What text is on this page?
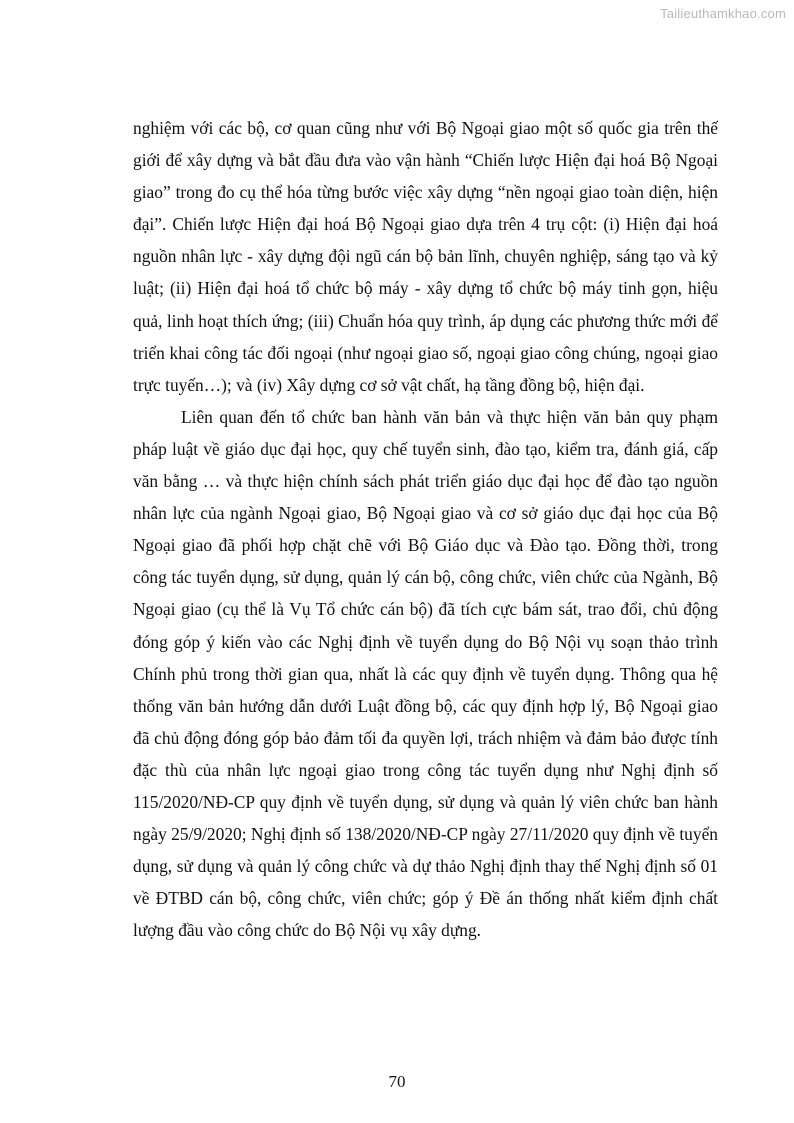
Tailieuthamkhao.com

nghiệm với các bộ, cơ quan cũng như với Bộ Ngoại giao một số quốc gia trên thế giới để xây dựng và bắt đầu đưa vào vận hành “Chiến lược Hiện đại hoá Bộ Ngoại giao” trong đo cụ thể hóa từng bước việc xây dựng “nền ngoại giao toàn diện, hiện đại”. Chiến lược Hiện đại hoá Bộ Ngoại giao dựa trên 4 trụ cột: (i) Hiện đại hoá nguồn nhân lực - xây dựng đội ngũ cán bộ bản lĩnh, chuyên nghiệp, sáng tạo và kỷ luật; (ii) Hiện đại hoá tổ chức bộ máy - xây dựng tổ chức bộ máy tinh gọn, hiệu quả, linh hoạt thích ứng; (iii) Chuẩn hóa quy trình, áp dụng các phương thức mới để triển khai công tác đối ngoại (như ngoại giao số, ngoại giao công chúng, ngoại giao trực tuyến…); và (iv) Xây dựng cơ sở vật chất, hạ tầng đồng bộ, hiện đại.

Liên quan đến tổ chức ban hành văn bản và thực hiện văn bản quy phạm pháp luật về giáo dục đại học, quy chế tuyển sinh, đào tạo, kiểm tra, đánh giá, cấp văn bằng … và thực hiện chính sách phát triển giáo dục đại học để đào tạo nguồn nhân lực của ngành Ngoại giao, Bộ Ngoại giao và cơ sở giáo dục đại học của Bộ Ngoại giao đã phối hợp chặt chẽ với Bộ Giáo dục và Đào tạo. Đồng thời, trong công tác tuyển dụng, sử dụng, quản lý cán bộ, công chức, viên chức của Ngành, Bộ Ngoại giao (cụ thể là Vụ Tổ chức cán bộ) đã tích cực bám sát, trao đổi, chủ động đóng góp ý kiến vào các Nghị định về tuyển dụng do Bộ Nội vụ soạn thảo trình Chính phủ trong thời gian qua, nhất là các quy định về tuyển dụng. Thông qua hệ thống văn bản hướng dẫn dưới Luật đồng bộ, các quy định hợp lý, Bộ Ngoại giao đã chủ động đóng góp bảo đảm tối đa quyền lợi, trách nhiệm và đảm bảo được tính đặc thù của nhân lực ngoại giao trong công tác tuyển dụng như Nghị định số 115/2020/NĐ-CP quy định về tuyển dụng, sử dụng và quản lý viên chức ban hành ngày 25/9/2020; Nghị định số 138/2020/NĐ-CP ngày 27/11/2020 quy định về tuyển dụng, sử dụng và quản lý công chức và dự thảo Nghị định thay thế Nghị định số 01 về ĐTBD cán bộ, công chức, viên chức; góp ý Đề án thống nhất kiểm định chất lượng đầu vào công chức do Bộ Nội vụ xây dựng.

70
